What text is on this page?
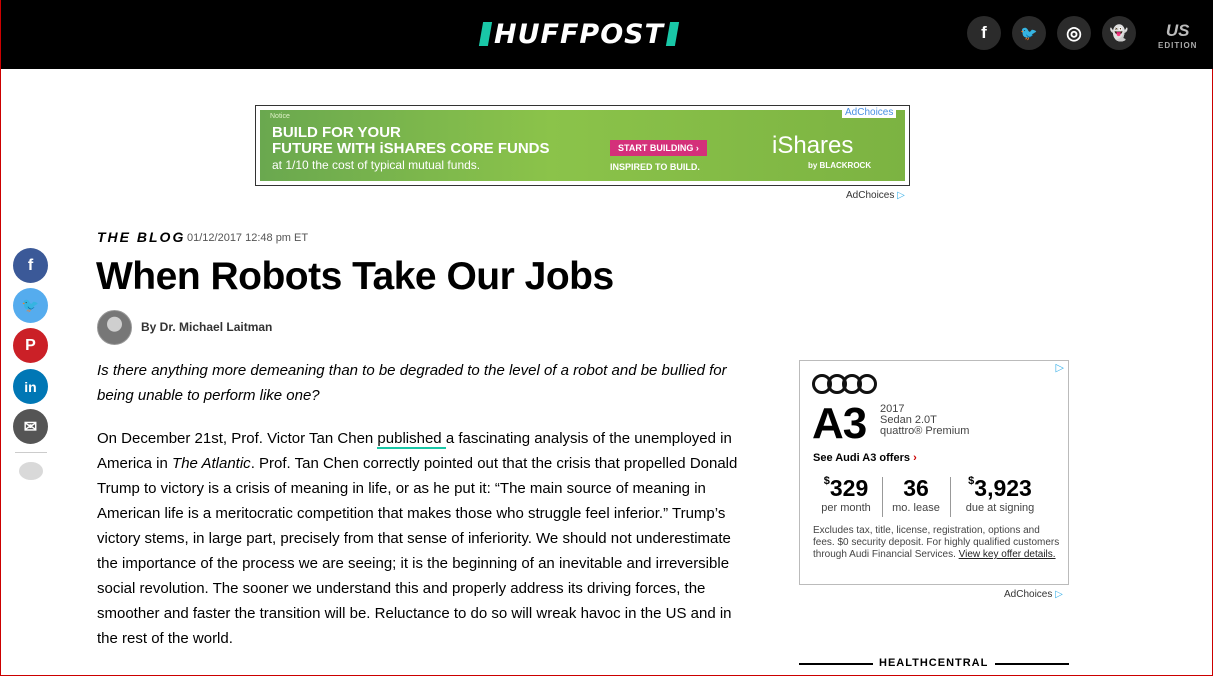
HUFFPOST	f	🐦	◎	👻	US
EDITION
Notice
BUILD FOR YOUR
FUTURE WITH iSHARES CORE FUNDS
at 1/10 the cost of typical mutual funds.
START BUILDING ›
INSPIRED TO BUILD.
iShares
by BLACKROCK
AdChoices
AdChoices ▷
f
🐦
P
in
✉
THE BLOG 01/12/2017 12:48 pm ET
When Robots Take Our Jobs
By Dr. Michael Laitman

Is there anything more demeaning than to be degraded to the level of a robot and be bullied for being unable to perform like one?

On December 21st, Prof. Victor Tan Chen published a fascinating analysis of the unemployed in America in The Atlantic. Prof. Tan Chen correctly pointed out that the crisis that propelled Donald Trump to victory is a crisis of meaning in life, or as he put it: “The main source of meaning in American life is a meritocratic competition that makes those who struggle feel inferior.” Trump’s victory stems, in large part, precisely from that sense of inferiority. We should not underestimate the importance of the process we are seeing; it is the beginning of an inevitable and irreversible social revolution. The sooner we understand this and properly address its driving forces, the smoother and faster the transition will be. Reluctance to do so will wreak havoc in the US and in the rest of the world.

▷
A3 2017
Sedan 2.0T
quattro® Premium
See Audi A3 offers ›
$329
per month
36
mo. lease
$3,923
due at signing
Excludes tax, title, license, registration, options and fees. $0 security deposit. For highly qualified customers through Audi Financial Services. View key offer details.
AdChoices ▷
HEALTHCENTRAL
